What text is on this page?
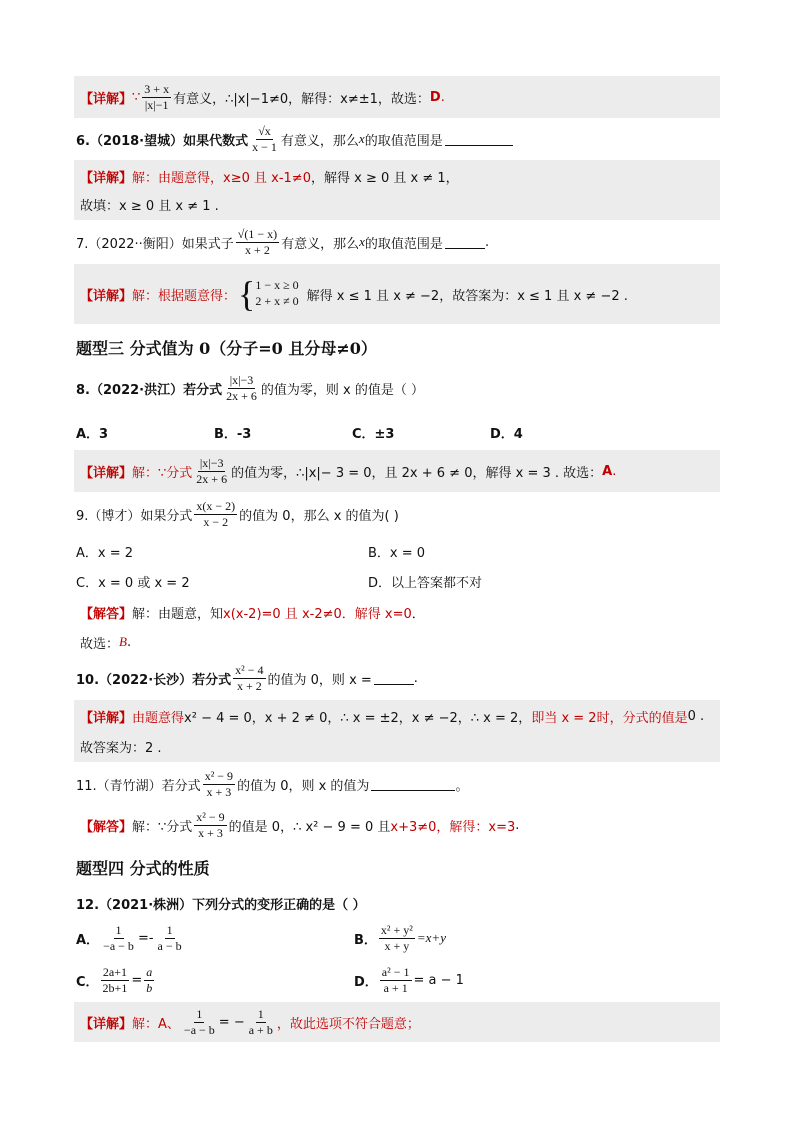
【详解】 ∵ $\frac{3 + x}{|x|-1}$ 有意义，∴|x|−1≠0，解得：x≠±1，故选： D .
6.（2018·望城）如果代数式 $\frac{√x}{x - 1}$ 有意义，那么 x 的取值范围是
【详解】 解：由题意得， x≥0 且 x-1≠0 ，解得 x ≥ 0 且 x ≠ 1，
故填：x ≥ 0 且 x ≠ 1 .
7.（2022··衡阳）如果式子 $\frac{√(1 - x)}{x + 2}$ 有意义，那么 x 的取值范围是	.
【详解】 解：根据题意得： { 1 − x ≥ 0
2 + x ≠ 0 解得 x ≤ 1 且 x ≠ −2，故答案为：x ≤ 1 且 x ≠ −2 .
题型三 分式值为 0（分子=0 且分母≠0）
8.（2022·洪江）若分式 $\frac{|x|-3}{2x + 6}$ 的值为零，则 x 的值是（ ）
A．3	B．-3	C．±3	D．4
【详解】 解：∵分式 $\frac{|x|-3}{2x + 6}$ 的值为零，∴|x|− 3 = 0，且 2x + 6 ≠ 0，解得 x = 3 . 故选： A .
9.（博才）如果分式 $\frac{x(x - 2)}{x - 2}$ 的值为 0，那么 x 的值为( )
A．x = 2	B．x = 0
C．x = 0 或 x = 2	D．以上答案都不对
【解答】 解：由题意，知 x(x-2)=0 且 x-2≠0．解得 x=0 ．
故选： B .
10.（2022·长沙）若分式 $\frac{\text{x² − 4}}{x + 2}$ 的值为 0，则 x =	.
【详解】 由题意得 x² − 4 = 0，x + 2 ≠ 0，∴ x = ±2，x ≠ −2，∴ x = 2， 即当 x = 2时，分式的值是 0 .
故答案为：2 .
11.（青竹湖）若分式 $\frac{\text{x² − 9}}{x + 3}$ 的值为 0，则 x 的值为	。
【解答】 解：∵分式 $\frac{\text{x² − 9}}{x + 3}$ 的值是 0，∴ x² − 9 = 0 且 x+3≠0，解得：x=3 .
题型四 分式的性质
12.（2021·株洲）下列分式的变形正确的是（ ）
A． $\frac{1}{-a - b} =- \frac{1}{a - b}$	B． $\frac{\text{x² + y²}}{x + y} =x+y$
C． $\frac{2a+1}{2b+1} = \frac{a}{b}$	D． $\frac{\text{a² − 1}}{a + 1} = a - 1$
【详解】 解：A、 $\frac{1}{-a - b}$ = − $\frac{1}{a + b}$ ，故此选项不符合题意；
